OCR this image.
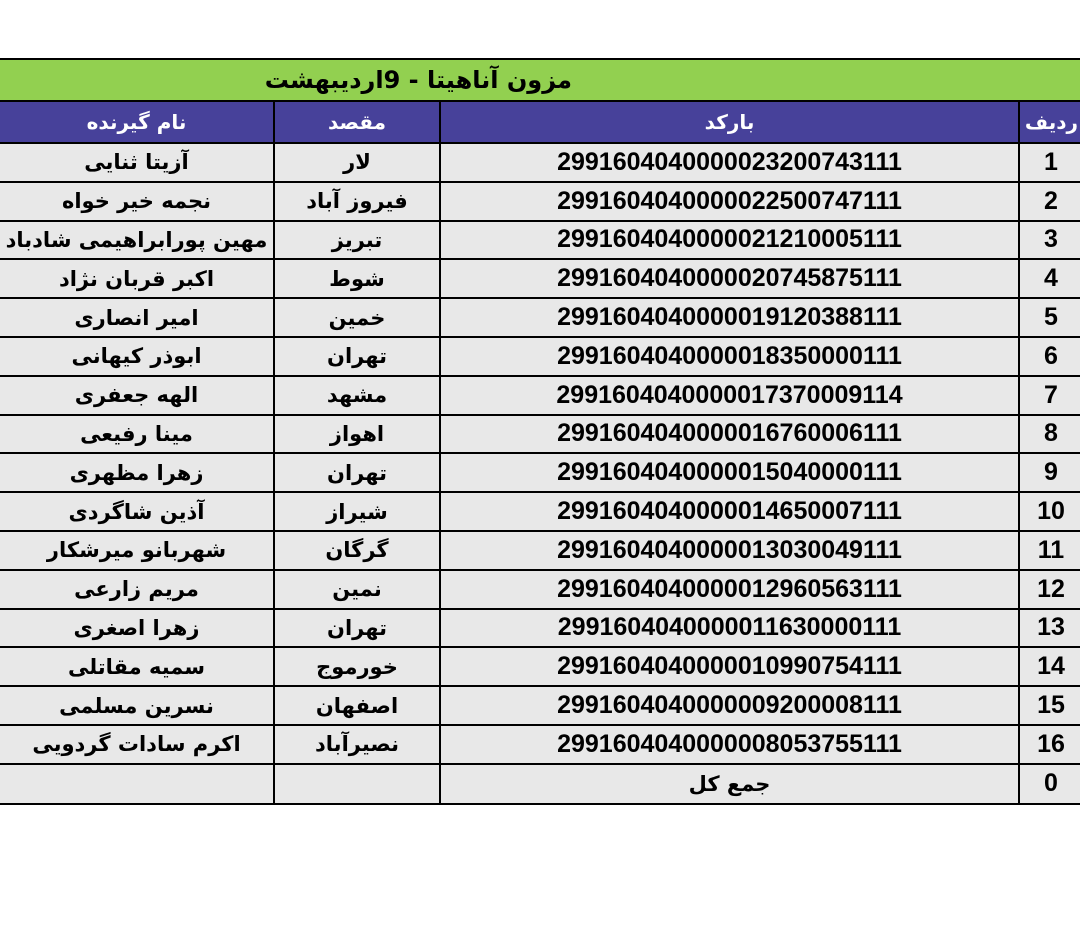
مزون آناهیتا - 9اردیبهشت			
نام گیرنده	مقصد	بارکد	ردیف
آزیتا ثنایی	لار	2991604040000023200743111	1
نجمه خیر خواه	فیروز آباد	2991604040000022500747111	2
مهین پورابراهیمی شادباد	تبریز	2991604040000021210005111	3
اکبر قربان نژاد	شوط	2991604040000020745875111	4
امیر انصاری	خمین	2991604040000019120388111	5
ابوذر کیهانی	تهران	2991604040000018350000111	6
الهه جعفری	مشهد	2991604040000017370009114	7
مینا رفیعی	اهواز	2991604040000016760006111	8
زهرا مظهری	تهران	2991604040000015040000111	9
آذین شاگردی	شیراز	2991604040000014650007111	10
شهربانو میرشکار	گرگان	2991604040000013030049111	11
مریم زارعی	نمین	2991604040000012960563111	12
زهرا اصغری	تهران	2991604040000011630000111	13
سمیه مقاتلی	خورموج	2991604040000010990754111	14
نسرین مسلمی	اصفهان	2991604040000009200008111	15
اکرم سادات گردویی	نصیرآباد	2991604040000008053755111	16
		جمع کل	0
